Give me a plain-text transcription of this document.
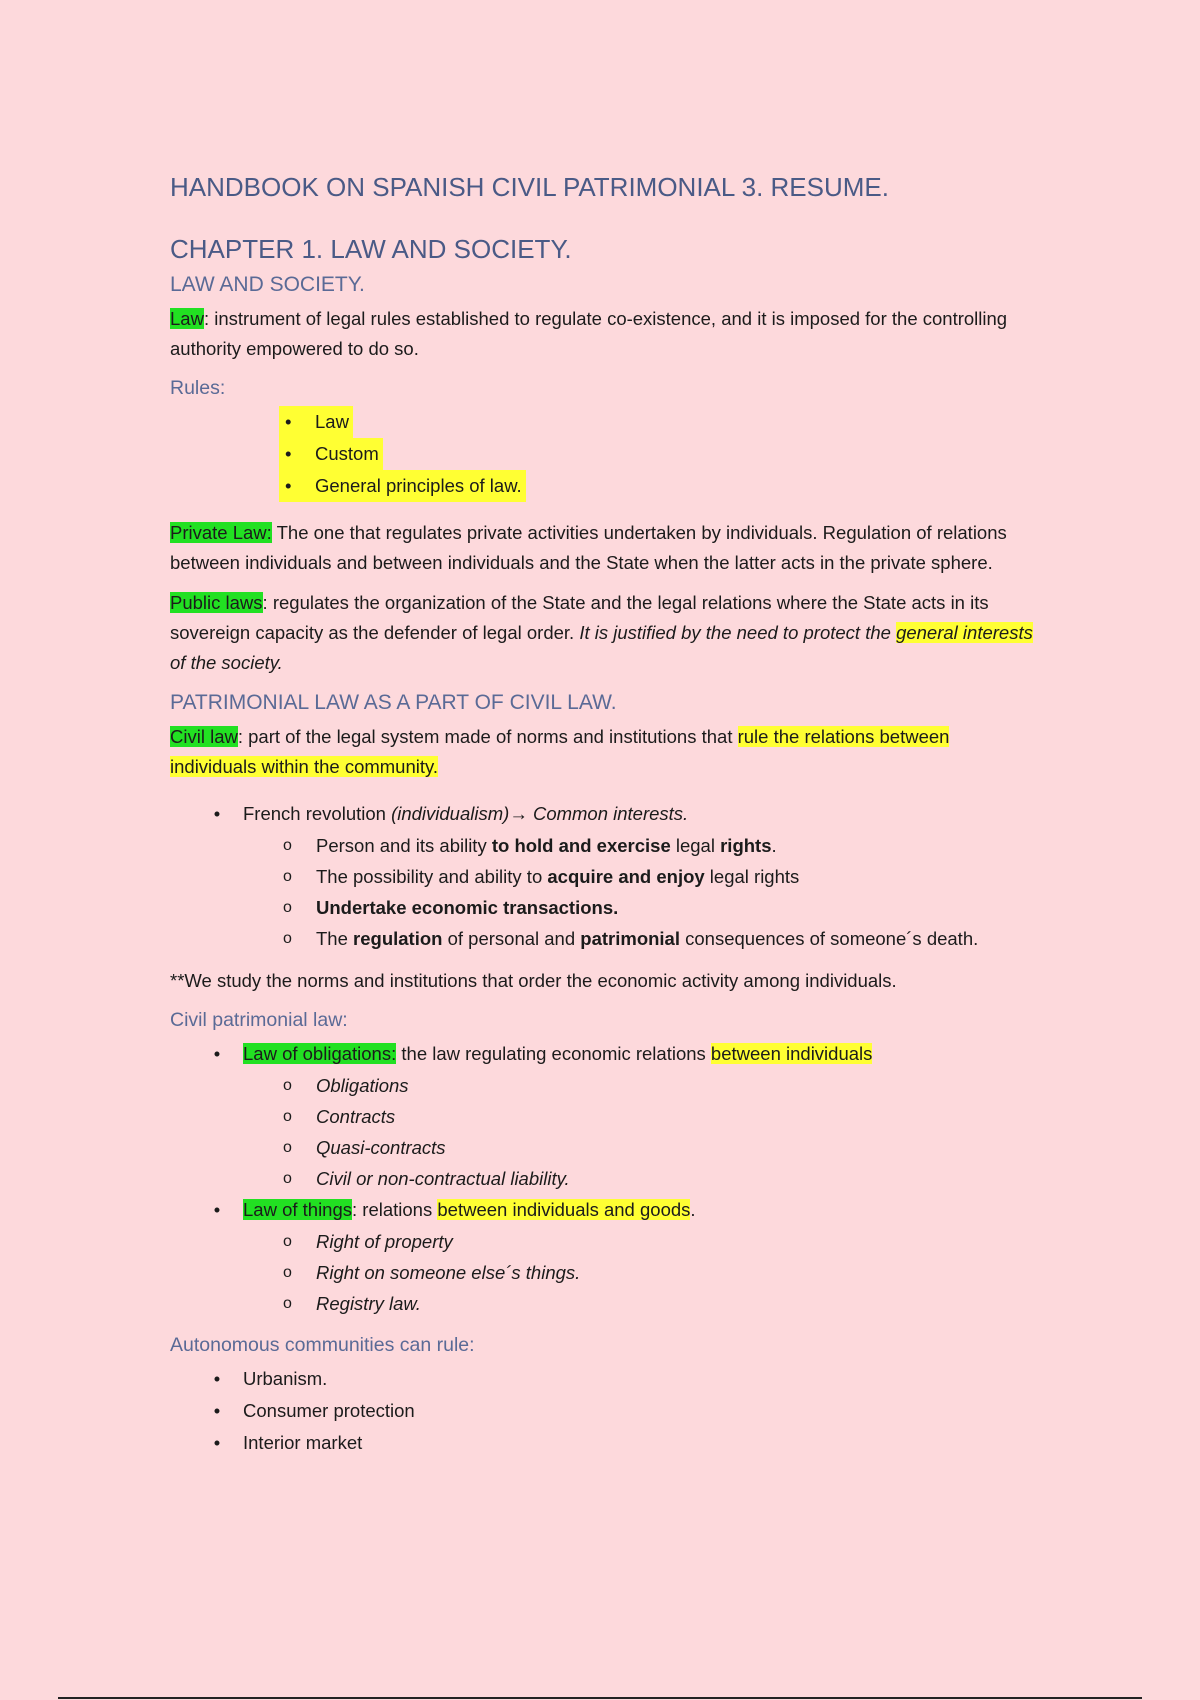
HANDBOOK ON SPANISH CIVIL PATRIMONIAL 3. RESUME.
CHAPTER 1. LAW AND SOCIETY.
LAW AND SOCIETY.

Law: instrument of legal rules established to regulate co-existence, and it is imposed for the controlling authority empowered to do so.

Rules:
• Law
• Custom
• General principles of law.

Private Law: The one that regulates private activities undertaken by individuals. Regulation of relations between individuals and between individuals and the State when the latter acts in the private sphere.

Public laws: regulates the organization of the State and the legal relations where the State acts in its sovereign capacity as the defender of legal order. It is justified by the need to protect the general interests of the society.

PATRIMONIAL LAW AS A PART OF CIVIL LAW.

Civil law: part of the legal system made of norms and institutions that rule the relations between individuals within the community.

• French revolution (individualism)→ Common interests.
o Person and its ability to hold and exercise legal rights.
o The possibility and ability to acquire and enjoy legal rights
o Undertake economic transactions.
o The regulation of personal and patrimonial consequences of someone´s death.

**We study the norms and institutions that order the economic activity among individuals.

Civil patrimonial law:
• Law of obligations: the law regulating economic relations between individuals
o Obligations
o Contracts
o Quasi-contracts
o Civil or non-contractual liability.
• Law of things: relations between individuals and goods.
o Right of property
o Right on someone else´s things.
o Registry law.
Autonomous communities can rule:
• Urbanism.
• Consumer protection
• Interior market
